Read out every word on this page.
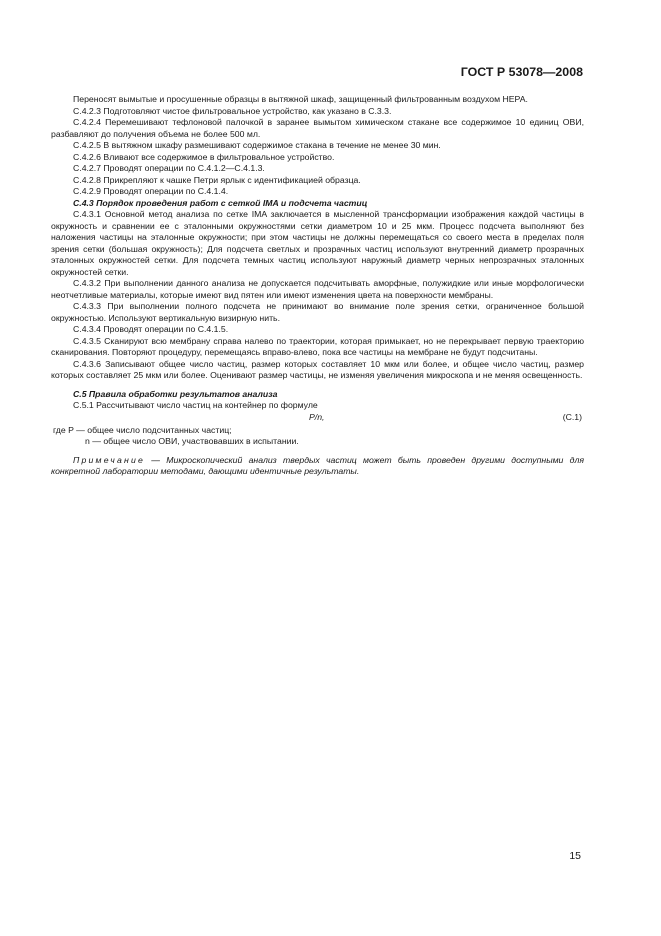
ГОСТ Р 53078—2008

Переносят вымытые и просушенные образцы в вытяжной шкаф, защищенный фильтрованным воздухом НЕРА.

С.4.2.3 Подготовляют чистое фильтровальное устройство, как указано в С.3.3.

С.4.2.4 Перемешивают тефлоновой палочкой в заранее вымытом химическом стакане все содержимое 10 единиц ОВИ, разбавляют до получения объема не более 500 мл.

С.4.2.5 В вытяжном шкафу размешивают содержимое стакана в течение не менее 30 мин.

С.4.2.6 Вливают все содержимое в фильтровальное устройство.

С.4.2.7 Проводят операции по С.4.1.2—С.4.1.3.

С.4.2.8 Прикрепляют к чашке Петри ярлык с идентификацией образца.

С.4.2.9 Проводят операции по С.4.1.4.

С.4.3 Порядок проведения работ с сеткой IMA и подсчета частиц

С.4.3.1 Основной метод анализа по сетке IMA заключается в мысленной трансформации изображения каждой частицы в окружность и сравнении ее с эталонными окружностями сетки диаметром 10 и 25 мкм. Процесс подсчета выполняют без наложения частицы на эталонные окружности; при этом частицы не должны перемещаться со своего места в пределах поля зрения сетки (большая окружность); Для подсчета светлых и прозрачных частиц используют внутренний диаметр прозрачных эталонных окружностей сетки. Для подсчета темных частиц используют наружный диаметр черных непрозрачных эталонных окружностей сетки.

С.4.3.2 При выполнении данного анализа не допускается подсчитывать аморфные, полужидкие или иные морфологически неотчетливые материалы, которые имеют вид пятен или имеют изменения цвета на поверхности мембраны.

С.4.3.3 При выполнении полного подсчета не принимают во внимание поле зрения сетки, ограниченное большой окружностью. Используют вертикальную визирную нить.

С.4.3.4 Проводят операции по С.4.1.5.

С.4.3.5 Сканируют всю мембрану справа налево по траектории, которая примыкает, но не перекрывает первую траекторию сканирования. Повторяют процедуру, перемещаясь вправо-влево, пока все частицы на мембране не будут подсчитаны.

С.4.3.6 Записывают общее число частиц, размер которых составляет 10 мкм или более, и общее число частиц, размер которых составляет 25 мкм или более. Оценивают размер частицы, не изменяя увеличения микроскопа и не меняя освещенность.

С.5 Правила обработки результатов анализа

С.5.1 Рассчитывают число частиц на контейнер по формуле

P/n,	(С.1)

где P — общее число подсчитанных частиц;

n — общее число ОВИ, участвовавших в испытании.

Примечание — Микроскопический анализ твердых частиц может быть проведен другими доступными для конкретной лаборатории методами, дающими идентичные результаты.

15
